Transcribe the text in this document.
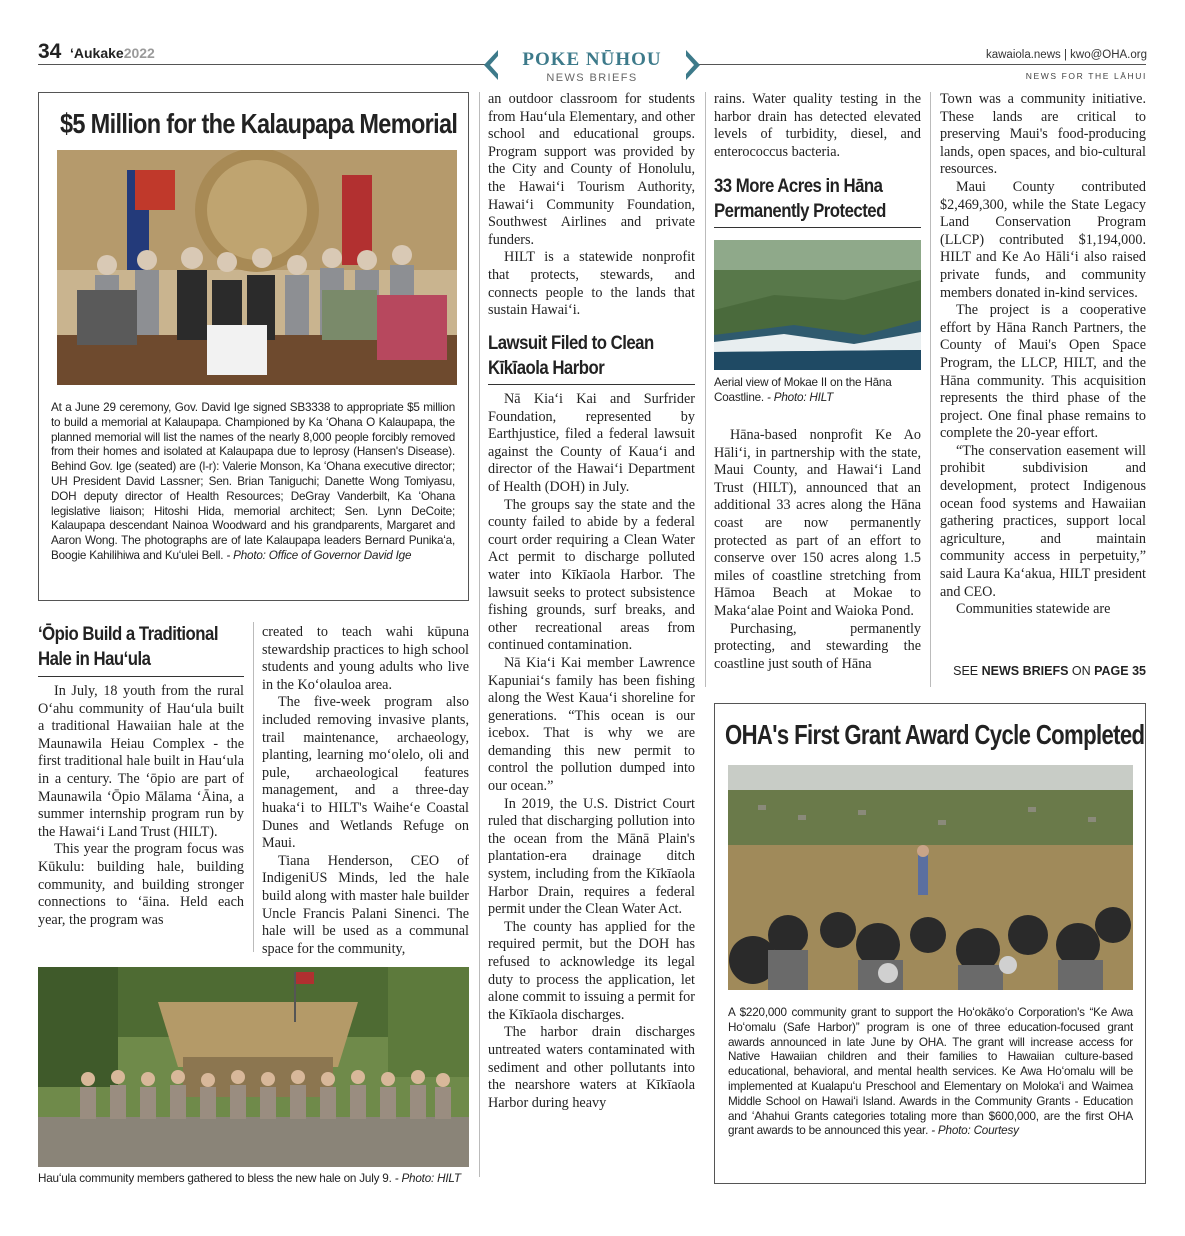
34 ʻAukake2022	POKE NŪHOU
NEWS BRIEFS
kawaiola.news | kwo@OHA.org
NEWS FOR THE LĀHUI
$5 Million for the Kalaupapa Memorial
At a June 29 ceremony, Gov. David Ige signed SB3338 to appropriate $5 million to build a memorial at Kalaupapa. Championed by Ka ʻOhana O Kalaupapa, the planned memorial will list the names of the nearly 8,000 people forcibly removed from their homes and isolated at Kalaupapa due to leprosy (Hansen's Disease). Behind Gov. Ige (seated) are (l-r): Valerie Monson, Ka ʻOhana executive director; UH President David Lassner; Sen. Brian Taniguchi; Danette Wong Tomiyasu, DOH deputy director of Health Resources; DeGray Vanderbilt, Ka ʻOhana legislative liaison; Hitoshi Hida, memorial architect; Sen. Lynn DeCoite; Kalaupapa descendant Nainoa Woodward and his grandparents, Margaret and Aaron Wong. The photographs are of late Kalaupapa leaders Bernard Punikaʻa, Boogie Kahilihiwa and Kuʻulei Bell. - Photo: Office of Governor David Ige
ʻŌpio Build a Traditional
Hale in Hauʻula

In July, 18 youth from the rural Oʻahu community of Hauʻula built a traditional Hawaiian hale at the Maunawila Heiau Complex - the first traditional hale built in Hauʻula in a century. The ʻōpio are part of Maunawila ʻŌpio Mālama ʻĀina, a summer internship program run by the Hawaiʻi Land Trust (HILT).

This year the program focus was Kūkulu: building hale, building community, and building stronger connections to ʻāina. Held each year, the program was

created to teach wahi kūpuna stewardship practices to high school students and young adults who live in the Koʻolauloa area.

The five-week program also included removing invasive plants, trail maintenance, archaeology, planting, learning moʻolelo, oli and pule, archaeological features management, and a three-day huakaʻi to HILT's Waiheʻe Coastal Dunes and Wetlands Refuge on Maui.

Tiana Henderson, CEO of IndigeniUS Minds, led the hale build along with master hale builder Uncle Francis Palani Sinenci. The hale will be used as a communal space for the community,

Hauʻula community members gathered to bless the new hale on July 9. - Photo: HILT

an outdoor classroom for students from Hauʻula Elementary, and other school and educational groups. Program support was provided by the City and County of Honolulu, the Hawaiʻi Tourism Authority, Hawaiʻi Community Foundation, Southwest Airlines and private funders.

HILT is a statewide nonprofit that protects, stewards, and connects people to the lands that sustain Hawaiʻi.

Lawsuit Filed to Clean
Kīkīaola Harbor

Nā Kiaʻi Kai and Surfrider Foundation, represented by Earthjustice, filed a federal lawsuit against the County of Kauaʻi and director of the Hawaiʻi Department of Health (DOH) in July.

The groups say the state and the county failed to abide by a federal court order requiring a Clean Water Act permit to discharge polluted water into Kīkīaola Harbor. The lawsuit seeks to protect subsistence fishing grounds, surf breaks, and other recreational areas from continued contamination.

Nā Kiaʻi Kai member Lawrence Kapuniaiʻs family has been fishing along the West Kauaʻi shoreline for generations. “This ocean is our icebox. That is why we are demanding this new permit to control the pollution dumped into our ocean.”

In 2019, the U.S. District Court ruled that discharging pollution into the ocean from the Mānā Plain's plantation-era drainage ditch system, including from the Kīkīaola Harbor Drain, requires a federal permit under the Clean Water Act.

The county has applied for the required permit, but the DOH has refused to acknowledge its legal duty to process the application, let alone commit to issuing a permit for the Kīkīaola discharges.

The harbor drain discharges untreated waters contaminated with sediment and other pollutants into the nearshore waters at Kīkīaola Harbor during heavy

rains. Water quality testing in the harbor drain has detected elevated levels of turbidity, diesel, and enterococcus bacteria.

33 More Acres in Hāna
Permanently Protected
Aerial view of Mokae II on the Hāna Coastline. - Photo: HILT

Hāna-based nonprofit Ke Ao Hāliʻi, in partnership with the state, Maui County, and Hawaiʻi Land Trust (HILT), announced that an additional 33 acres along the Hāna coast are now permanently protected as part of an effort to conserve over 150 acres along 1.5 miles of coastline stretching from Hāmoa Beach at Mokae to Makaʻalae Point and Waioka Pond.

Purchasing, permanently protecting, and stewarding the coastline just south of Hāna

Town was a community initiative. These lands are critical to preserving Maui's food-producing lands, open spaces, and bio-cultural resources.

Maui County contributed $2,469,300, while the State Legacy Land Conservation Program (LLCP) contributed $1,194,000. HILT and Ke Ao Hāliʻi also raised private funds, and community members donated in-kind services.

The project is a cooperative effort by Hāna Ranch Partners, the County of Maui's Open Space Program, the LLCP, HILT, and the Hāna community. This acquisition represents the third phase of the project. One final phase remains to complete the 20-year effort.

“The conservation easement will prohibit subdivision and development, protect Indigenous ocean food systems and Hawaiian gathering practices, support local agriculture, and maintain community access in perpetuity,” said Laura Kaʻakua, HILT president and CEO.

Communities statewide are

SEE NEWS BRIEFS ON PAGE 35
OHA's First Grant Award Cycle Completed
A $220,000 community grant to support the Hoʻokākoʻo Corporation's “Ke Awa Hoʻomalu (Safe Harbor)” program is one of three education-focused grant awards announced in late June by OHA. The grant will increase access for Native Hawaiian children and their families to Hawaiian culture-based educational, behavioral, and mental health services. Ke Awa Hoʻomalu will be implemented at Kualapuʻu Preschool and Elementary on Molokaʻi and Waimea Middle School on Hawaiʻi Island. Awards in the Community Grants - Education and ʻAhahui Grants categories totaling more than $600,000, are the first OHA grant awards to be announced this year. - Photo: Courtesy
